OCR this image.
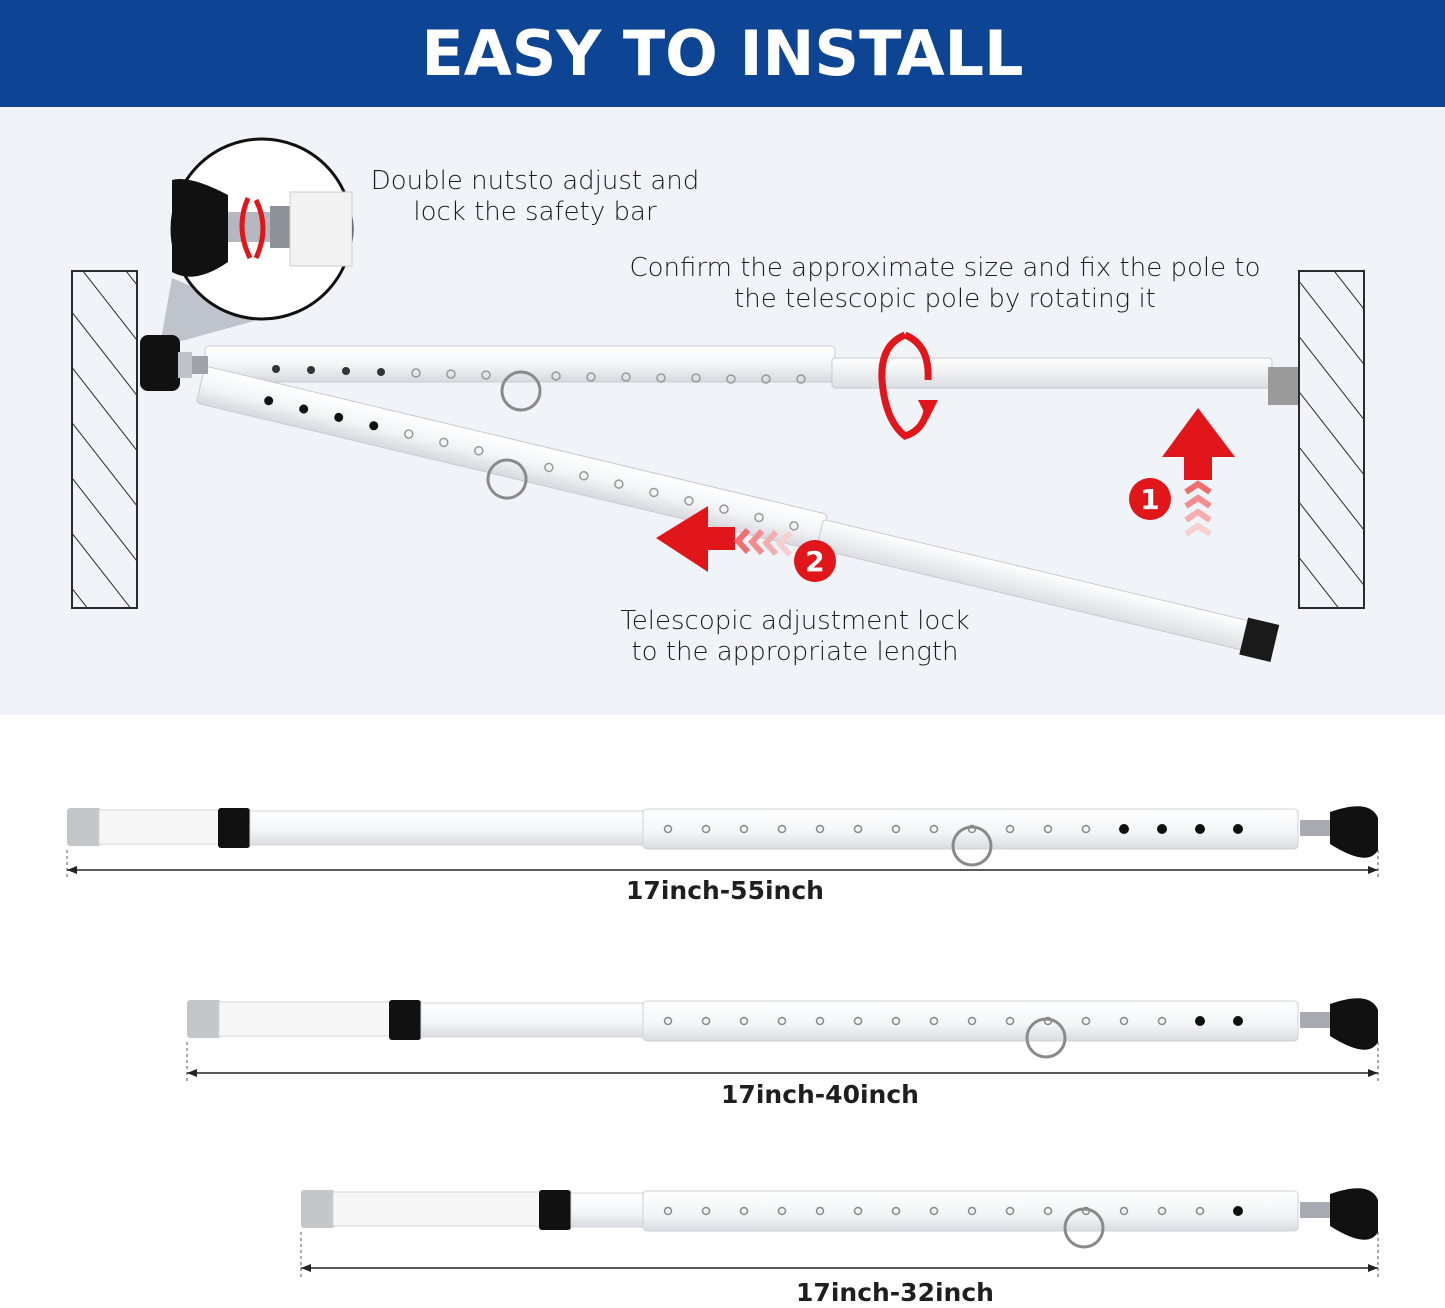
EASY TO INSTALL
1
2
Double nutsto adjust and
lock the safety bar
Confirm the approximate size and fix the pole to
the telescopic pole by rotating it
Telescopic adjustment lock
to the appropriate length
17inch-55inch
17inch-40inch
17inch-32inch
